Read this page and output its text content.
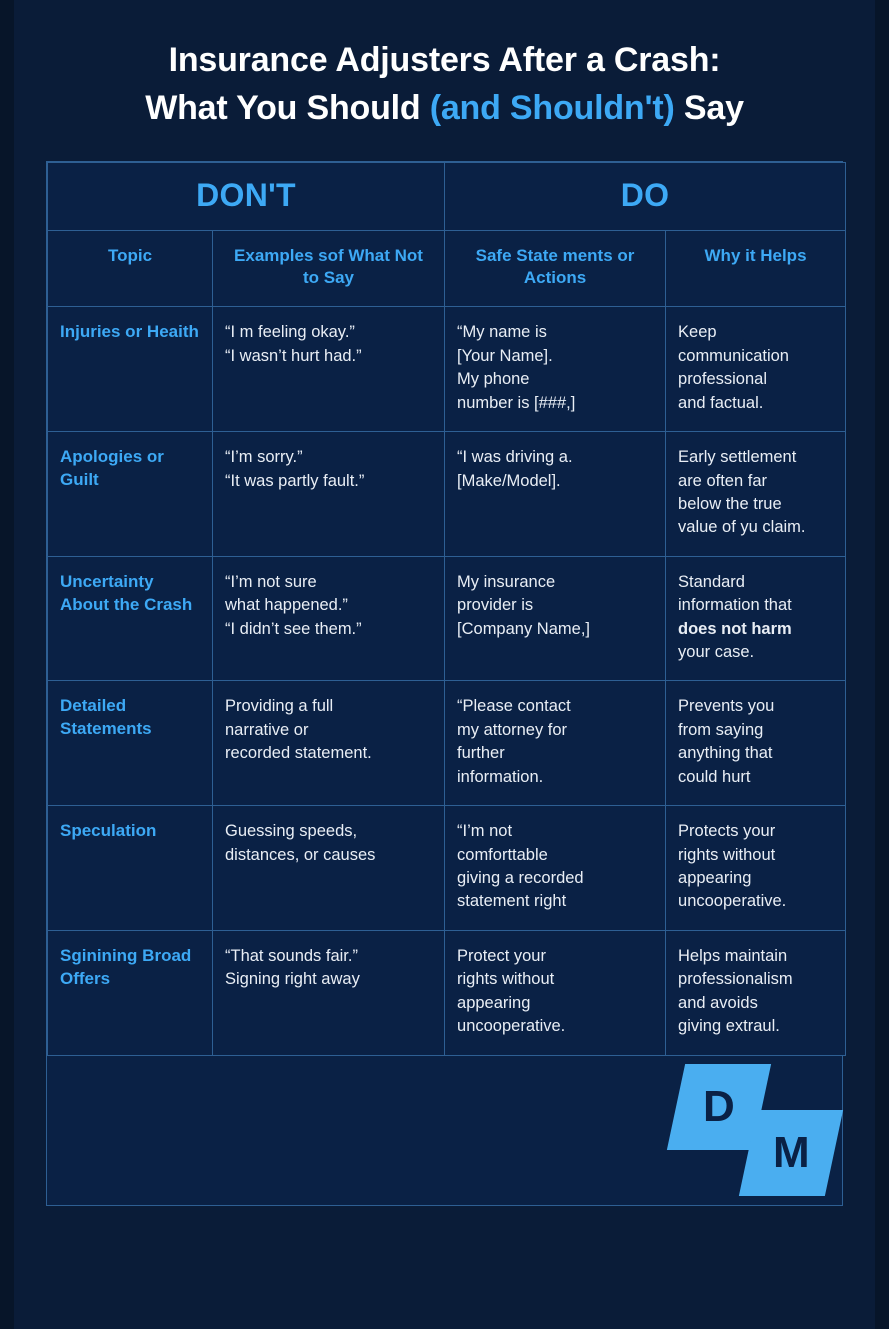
Insurance Adjusters After a Crash:
What You Should (and Shouldn't) Say
DON'T		DO	
Topic	Examples sof What Not to Say	Safe State ments or Actions	Why it Helps
Injuries or Heaith	“I m feeling okay.”
“I wasn’t hurt had.”	“My name is
[Your Name].
My phone
number is [###,]	Keep
communication
professional
and factual.

Apologies or Guilt	“I’m sorry.”
“It was partly fault.”	“I was driving a.
[Make/Model].	Early settlement
are often far
below the true
value of yu claim.

Uncertainty About the Crash	“I’m not sure
what happened.”
“I didn’t see them.”	My insurance
provider is
[Company Name,]	Standard
information that
does not harm
your case.

Detailed Statements	Providing a full
narrative or
recorded statement.	“Please contact
my attorney for
further
information.	Prevents you
from saying
anything that
could hurt

Speculation	Guessing speeds,
distances, or causes	“I’m not
comforttable
giving a recorded
statement right	Protects your
rights without
appearing
uncooperative.

Sginining Broad Offers	“That sounds fair.”
Signing right away	Protect your
rights without
appearing
uncooperative.	Helps maintain
professionalism
and avoids
giving extraul.
D
M
